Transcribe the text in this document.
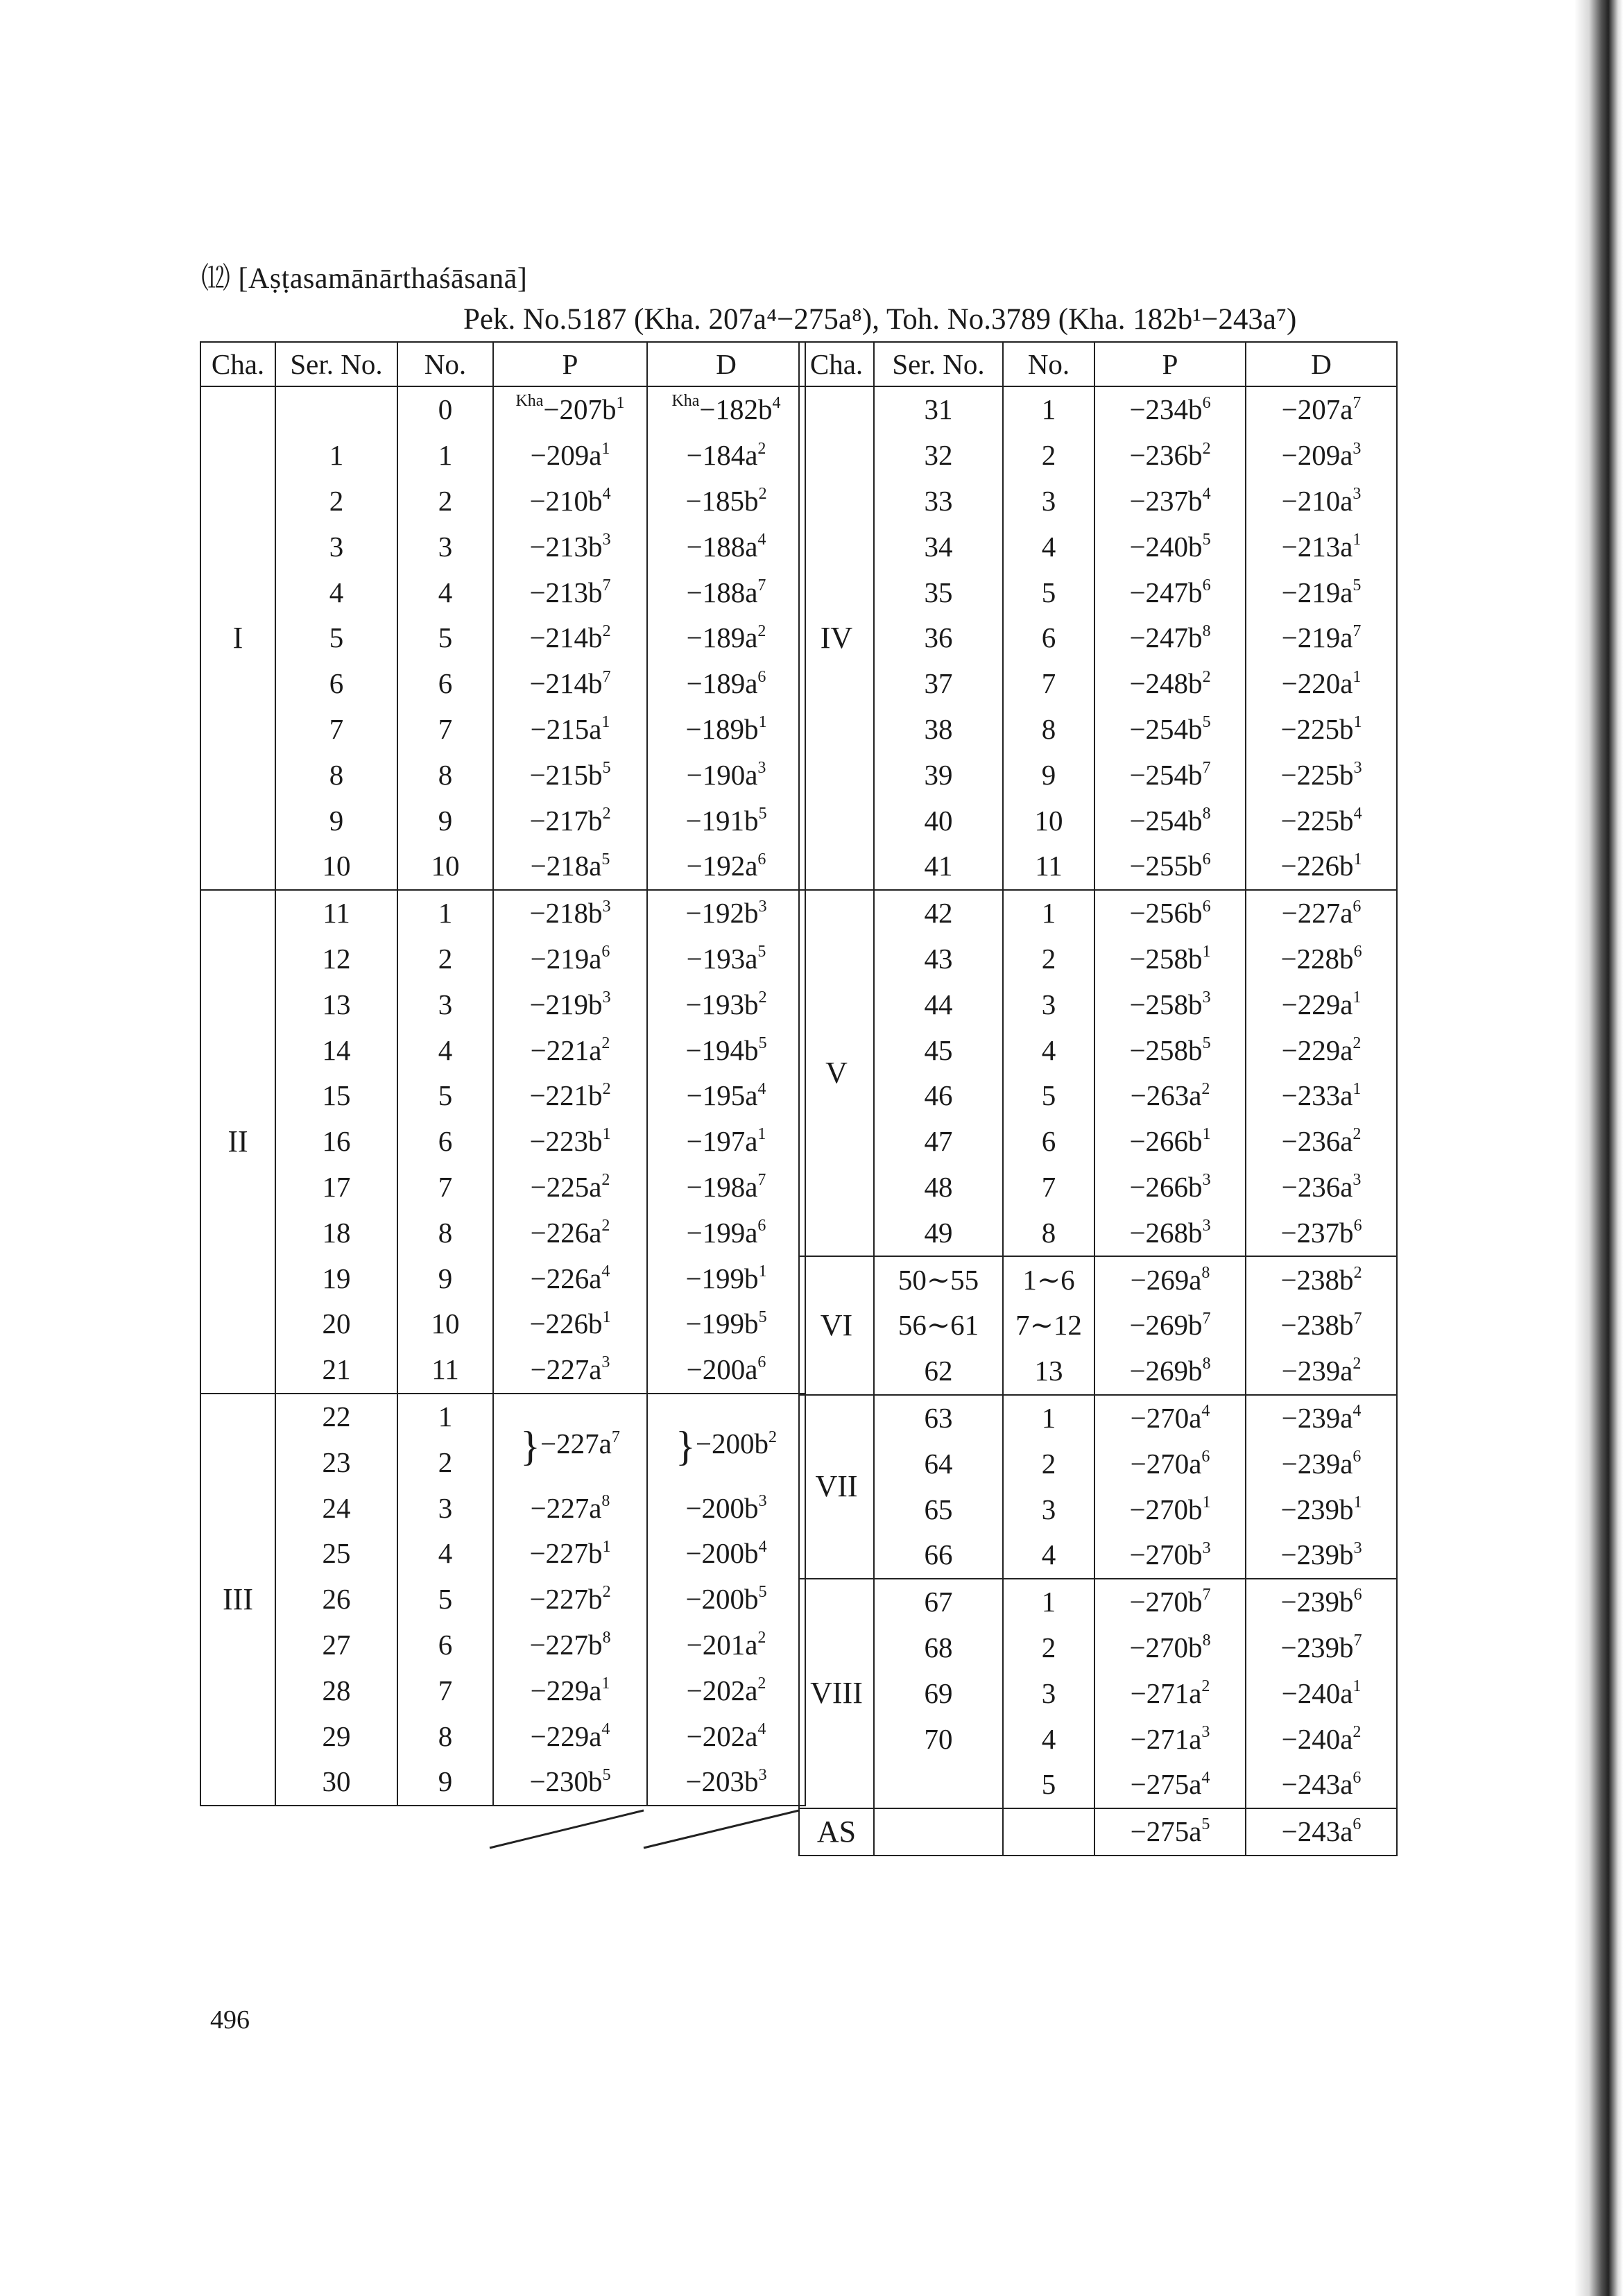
⑿ [Aṣṭasamānārthaśāsanā]
Pek. No.5187 (Kha. 207a⁴−275a⁸), Toh. No.3789 (Kha. 182b¹−243a⁷)
Cha.	Ser. No.	No.	P	D
I		0	$^{Kha}-207b^1$	$^{Kha}-182b^4$
	1	1	$-209a^1$	$-184a^2$
	2	2	$-210b^4$	$-185b^2$
	3	3	$-213b^3$	$-188a^4$
	4	4	$-213b^7$	$-188a^7$
	5	5	$-214b^2$	$-189a^2$
	6	6	$-214b^7$	$-189a^6$
	7	7	$-215a^1$	$-189b^1$
	8	8	$-215b^5$	$-190a^3$
	9	9	$-217b^2$	$-191b^5$
	10	10	$-218a^5$	$-192a^6$
II	11	1	$-218b^3$	$-192b^3$
	12	2	$-219a^6$	$-193a^5$
	13	3	$-219b^3$	$-193b^2$
	14	4	$-221a^2$	$-194b^5$
	15	5	$-221b^2$	$-195a^4$
	16	6	$-223b^1$	$-197a^1$
	17	7	$-225a^2$	$-198a^7$
	18	8	$-226a^2$	$-199a^6$
	19	9	$-226a^4$	$-199b^1$
	20	10	$-226b^1$	$-199b^5$
	21	11	$-227a^3$	$-200a^6$
III	22	1	}$-227a^7$	}$-200b^2$
	23	2		
	24	3	$-227a^8$	$-200b^3$
	25	4	$-227b^1$	$-200b^4$
	26	5	$-227b^2$	$-200b^5$
	27	6	$-227b^8$	$-201a^2$
	28	7	$-229a^1$	$-202a^2$
	29	8	$-229a^4$	$-202a^4$
	30	9	$-230b^5$	$-203b^3$
Cha.	Ser. No.	No.	P	D
IV	31	1	$-234b^6$	$-207a^7$
	32	2	$-236b^2$	$-209a^3$
	33	3	$-237b^4$	$-210a^3$
	34	4	$-240b^5$	$-213a^1$
	35	5	$-247b^6$	$-219a^5$
	36	6	$-247b^8$	$-219a^7$
	37	7	$-248b^2$	$-220a^1$
	38	8	$-254b^5$	$-225b^1$
	39	9	$-254b^7$	$-225b^3$
	40	10	$-254b^8$	$-225b^4$
	41	11	$-255b^6$	$-226b^1$
V	42	1	$-256b^6$	$-227a^6$
	43	2	$-258b^1$	$-228b^6$
	44	3	$-258b^3$	$-229a^1$
	45	4	$-258b^5$	$-229a^2$
	46	5	$-263a^2$	$-233a^1$
	47	6	$-266b^1$	$-236a^2$
	48	7	$-266b^3$	$-236a^3$
	49	8	$-268b^3$	$-237b^6$
VI	50∼55	1∼6	$-269a^8$	$-238b^2$
	56∼61	7∼12	$-269b^7$	$-238b^7$
	62	13	$-269b^8$	$-239a^2$
VII	63	1	$-270a^4$	$-239a^4$
	64	2	$-270a^6$	$-239a^6$
	65	3	$-270b^1$	$-239b^1$
	66	4	$-270b^3$	$-239b^3$
VIII	67	1	$-270b^7$	$-239b^6$
	68	2	$-270b^8$	$-239b^7$
	69	3	$-271a^2$	$-240a^1$
	70	4	$-271a^3$	$-240a^2$
		5	$-275a^4$	$-243a^6$
AS			$-275a^5$	$-243a^6$
496
